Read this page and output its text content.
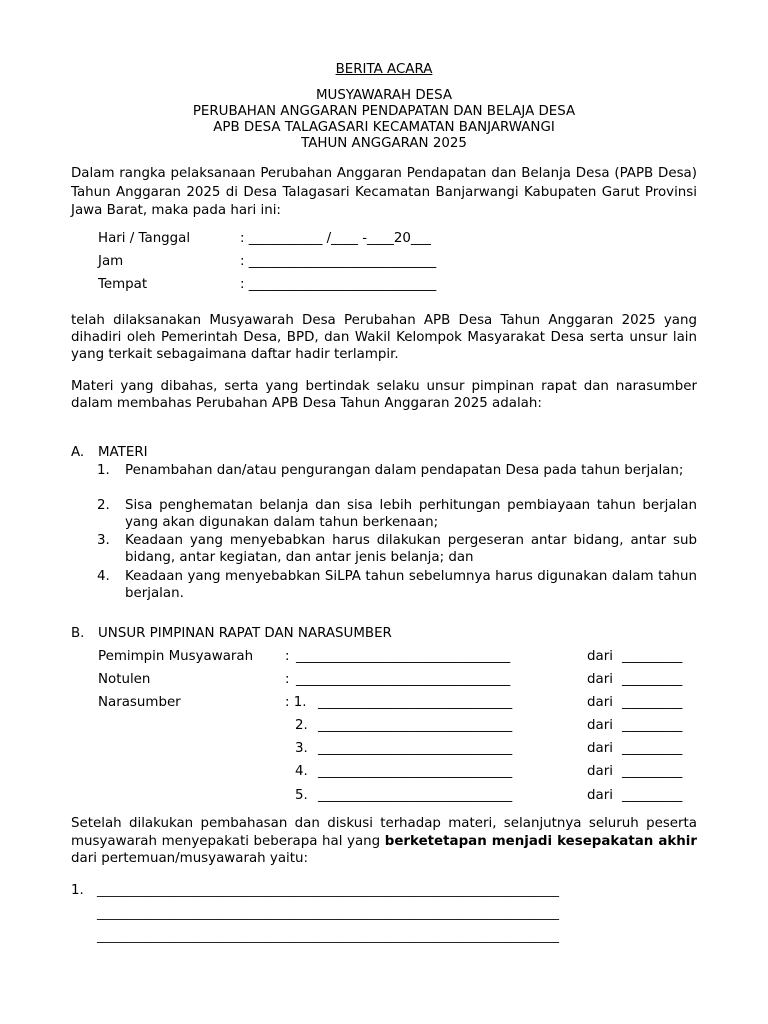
BERITA ACARA
MUSYAWARAH DESA
PERUBAHAN ANGGARAN PENDAPATAN DAN BELAJA DESA
APB DESA TALAGASARI KECAMATAN BANJARWANGI
TAHUN ANGGARAN 2025
Dalam rangka pelaksanaan Perubahan Anggaran Pendapatan dan Belanja Desa (PAPB Desa) Tahun Anggaran 2025 di Desa Talagasari Kecamatan Banjarwangi Kabupaten Garut Provinsi Jawa Barat, maka pada hari ini:
Hari / Tanggal	: ___________ /____ -____20___
Jam	: ____________________________
Tempat	: ____________________________
telah dilaksanakan Musyawarah Desa Perubahan APB Desa Tahun Anggaran 2025 yang dihadiri oleh Pemerintah Desa, BPD, dan Wakil Kelompok Masyarakat Desa serta unsur lain yang terkait sebagaimana daftar hadir terlampir.
Materi yang dibahas, serta yang bertindak selaku unsur pimpinan rapat dan narasumber dalam membahas Perubahan APB Desa Tahun Anggaran 2025 adalah:
A. MATERI
1.	Penambahan dan/atau pengurangan dalam pendapatan Desa pada tahun berjalan;
2.	Sisa penghematan belanja dan sisa lebih perhitungan pembiayaan tahun berjalan yang akan digunakan dalam tahun berkenaan;
3.	Keadaan yang menyebabkan harus dilakukan pergeseran antar bidang, antar sub bidang, antar kegiatan, dan antar jenis belanja; dan
4.	Keadaan yang menyebabkan SiLPA tahun sebelumnya harus digunakan dalam tahun berjalan.
B. UNSUR PIMPINAN RAPAT DAN NARASUMBER
Pemimpin Musyawarah : ________________________________	dari _________
Notulen	: ________________________________	dari _________
Narasumber	: 1. _____________________________	dari _________
2. _____________________________	dari _________
3. _____________________________	dari _________
4. _____________________________	dari _________
5. _____________________________	dari _________
Setelah dilakukan pembahasan dan diskusi terhadap materi, selanjutnya seluruh peserta musyawarah menyepakati beberapa hal yang berketetapan menjadi kesepakatan akhir dari pertemuan/musyawarah yaitu:
1. _____________________________________________________________________________
_____________________________________________________________________________
_____________________________________________________________________________
